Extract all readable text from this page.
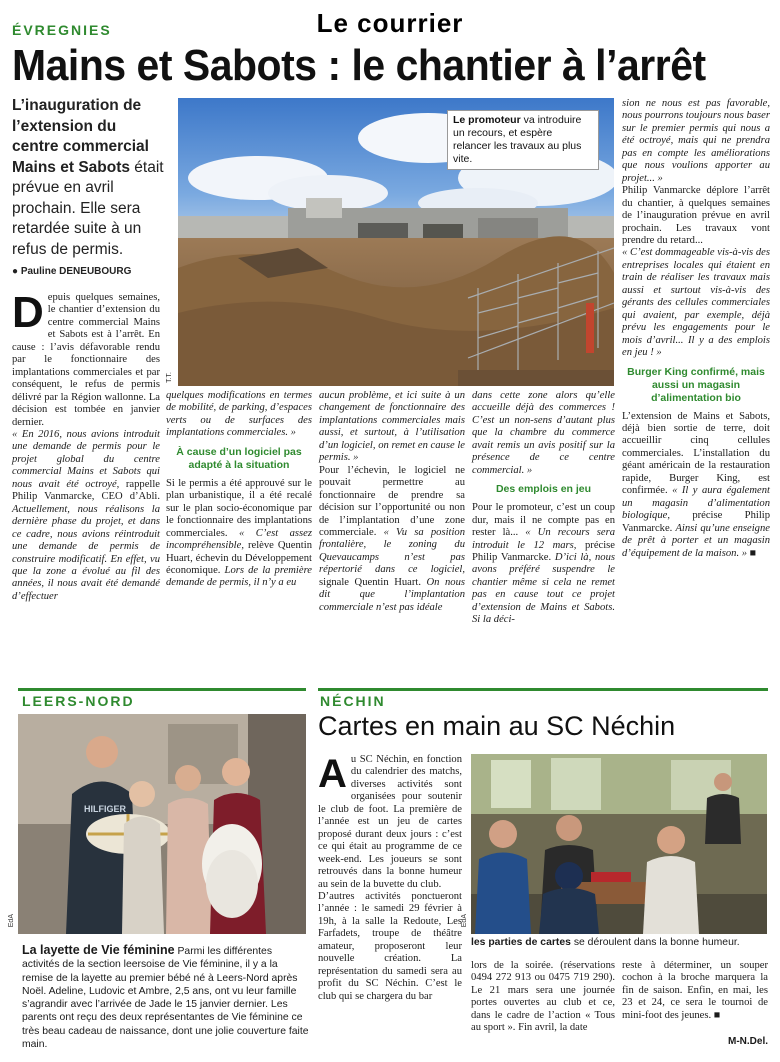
Le courrier
ÉVREGNIES
Mains et Sabots : le chantier à l’arrêt
L’inauguration de l’extension du centre commercial Mains et Sabots était prévue en avril prochain. Elle sera retardée suite à un refus de permis.
● Pauline DENEUBOURG
T.T.
Le promoteur va introduire un recours, et espère relancer les travaux au plus vite.
D epuis quelques semaines, le chantier d’extension du centre commercial Mains et Sabots est à l’arrêt. En cause : l’avis défavorable rendu par le fonctionnaire des implantations commerciales et par conséquent, le refus de permis délivré par la Région wallonne. La décision est tombée en janvier dernier.
« En 2016, nous avions introduit une demande de permis pour le projet global du centre commercial Mains et Sabots qui nous avait été octroyé, rappelle Philip Vanmarcke, CEO d’Abli. Actuellement, nous réalisons la dernière phase du projet, et dans ce cadre, nous avions réintroduit une demande de permis de construire modificatif. En effet, vu que la zone a évolué au fil des années, il nous avait été demandé d’effectuer
quelques modifications en termes de mobilité, de parking, d’espaces verts ou de surfaces des implantations commerciales. »
À cause d’un logiciel pas adapté à la situation
Si le permis a été approuvé sur le plan urbanistique, il a été recalé sur le plan socio-économique par le fonctionnaire des implantations commerciales. « C’est assez incompréhensible, relève Quentin Huart, échevin du Développement économique. Lors de la première demande de permis, il n’y a eu
aucun problème, et ici suite à un changement de fonctionnaire des implantations commerciales mais aussi, et surtout, à l’utilisation d’un logiciel, on remet en cause le permis. »
Pour l’échevin, le logiciel ne pouvait permettre au fonctionnaire de prendre sa décision sur l’opportunité ou non de l’implantation d’une zone commerciale. « Vu sa position frontalière, le zoning du Quevaucamps n’est pas répertorié dans ce logiciel, signale Quentin Huart. On nous dit que l’implantation commerciale n’est pas idéale
dans cette zone alors qu’elle accueille déjà des commerces ! C’est un non-sens d’autant plus que la chambre du commerce avait remis un avis positif sur la présence de ce centre commercial. »
Des emplois en jeu
Pour le promoteur, c’est un coup dur, mais il ne compte pas en rester là... « Un recours sera introduit le 12 mars, précise Philip Vanmarcke. D’ici là, nous avons préféré suspendre le chantier même si cela ne remet pas en cause tout ce projet d’extension de Mains et Sabots. Si la déci-
sion ne nous est pas favorable, nous pourrons toujours nous baser sur le premier permis qui nous a été octroyé, mais qui ne prendra pas en compte les améliorations que nous voulions apporter au projet... »
Philip Vanmarcke déplore l’arrêt du chantier, à quelques semaines de l’inauguration prévue en avril prochain. Les travaux vont prendre du retard...
« C’est dommageable vis-à-vis des entreprises locales qui étaient en train de réaliser les travaux mais aussi et surtout vis-à-vis des gérants des cellules commerciales qui avaient, par exemple, déjà prévu les engagements pour le mois d’avril... Il y a des emplois en jeu ! »
Burger King confirmé, mais aussi un magasin d’alimentation bio
L’extension de Mains et Sabots, déjà bien sortie de terre, doit accueillir cinq cellules commerciales. L’installation du géant américain de la restauration rapide, Burger King, est confirmée. « Il y aura également un magasin d’alimentation biologique, précise Philip Vanmarcke. Ainsi qu’une enseigne de prêt à porter et un magasin d’équipement de la maison. » ■
LEERS-NORD
HILFIGER
EdA
La layette de Vie féminine Parmi les différentes activités de la section leersoise de Vie féminine, il y a la remise de la layette au premier bébé né à Leers-Nord après Noël. Adeline, Ludovic et Ambre, 2,5 ans, ont vu leur famille s’agrandir avec l’arrivée de Jade le 15 janvier dernier. Les parents ont reçu des deux représentantes de Vie féminine ce très beau cadeau de naissance, dont une jolie couverture faite main.
NÉCHIN
Cartes en main au SC Néchin
A u SC Néchin, en fonction du calendrier des matchs, diverses activités sont organisées pour soutenir le club de foot. La première de l’année est un jeu de cartes proposé durant deux jours : c’est ce qui était au programme de ce week-end. Les joueurs se sont retrouvés dans la bonne humeur au sein de la buvette du club.
D’autres activités ponctueront l’année : le samedi 29 février à 19h, à la salle la Redoute, Les Farfadets, troupe de théâtre amateur, proposeront leur nouvelle création. La représentation du samedi sera au profit du SC Néchin. C’est le club qui se chargera du bar
EdA
les parties de cartes se déroulent dans la bonne humeur.
lors de la soirée. (réservations 0494 272 913 ou 0475 719 290). Le 21 mars sera une journée portes ouvertes au club et ce, dans le cadre de l’action « Tous au sport ». Fin avril, la date
reste à déterminer, un souper cochon à la broche marquera la fin de saison. Enfin, en mai, les 23 et 24, ce sera le tournoi de mini-foot des jeunes. ■
M-N.Del.
